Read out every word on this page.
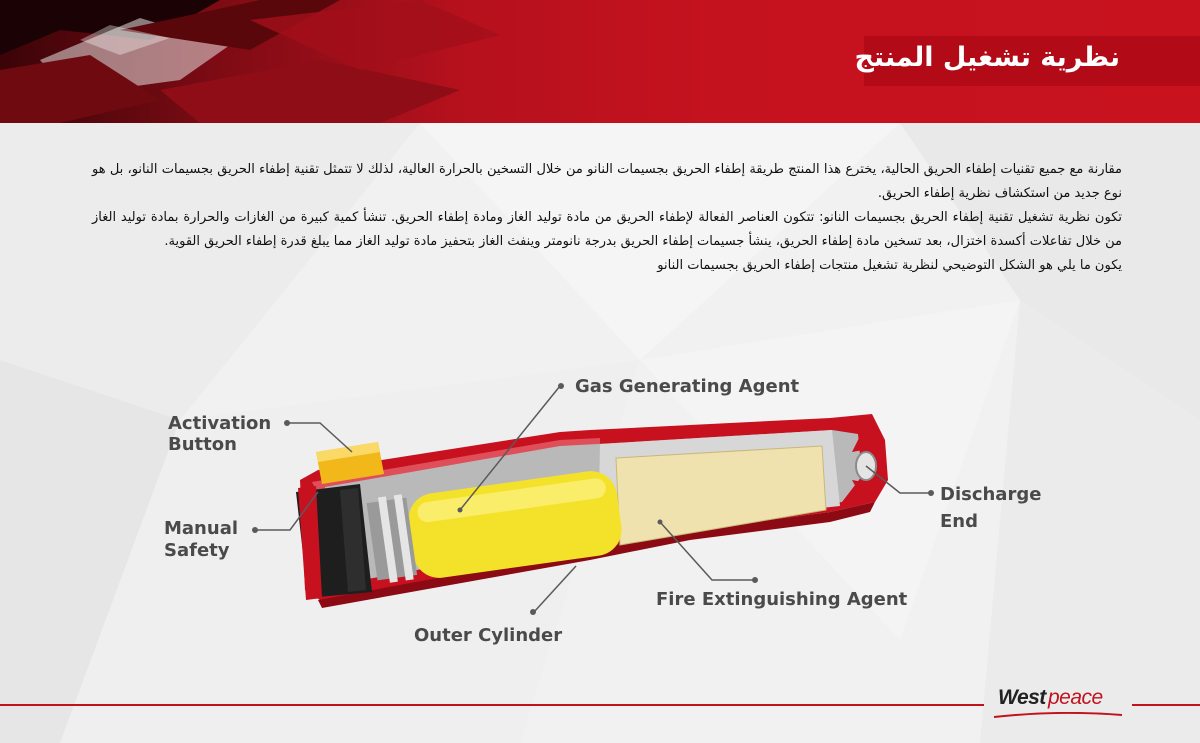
نظرية تشغيل المنتج

مقارنة مع جميع تقنيات إطفاء الحريق الحالية، يخترع هذا المنتج طريقة إطفاء الحريق بجسيمات النانو من خلال التسخين بالحرارة العالية، لذلك لا تتمثل تقنية إطفاء الحريق بجسيمات النانو، بل هو نوع جديد من استكشاف نظرية إطفاء الحريق.

تكون نظرية تشغيل تقنية إطفاء الحريق بجسيمات النانو: تتكون العناصر الفعالة لإطفاء الحريق من مادة توليد الغاز ومادة إطفاء الحريق. تنشأ كمية كبيرة من الغازات والحرارة بمادة توليد الغاز من خلال تفاعلات أكسدة اختزال، بعد تسخين مادة إطفاء الحريق، ينشأ جسيمات إطفاء الحريق بدرجة نانومتر وينفث الغاز بتحفيز مادة توليد الغاز مما يبلغ قدرة إطفاء الحريق القوية.

يكون ما يلي هو الشكل التوضيحي لنظرية تشغيل منتجات إطفاء الحريق بجسيمات النانو

Activation
Button
Manual
Safety
Gas Generating Agent
Discharge
End
Fire Extinguishing Agent
Outer Cylinder
West peace
